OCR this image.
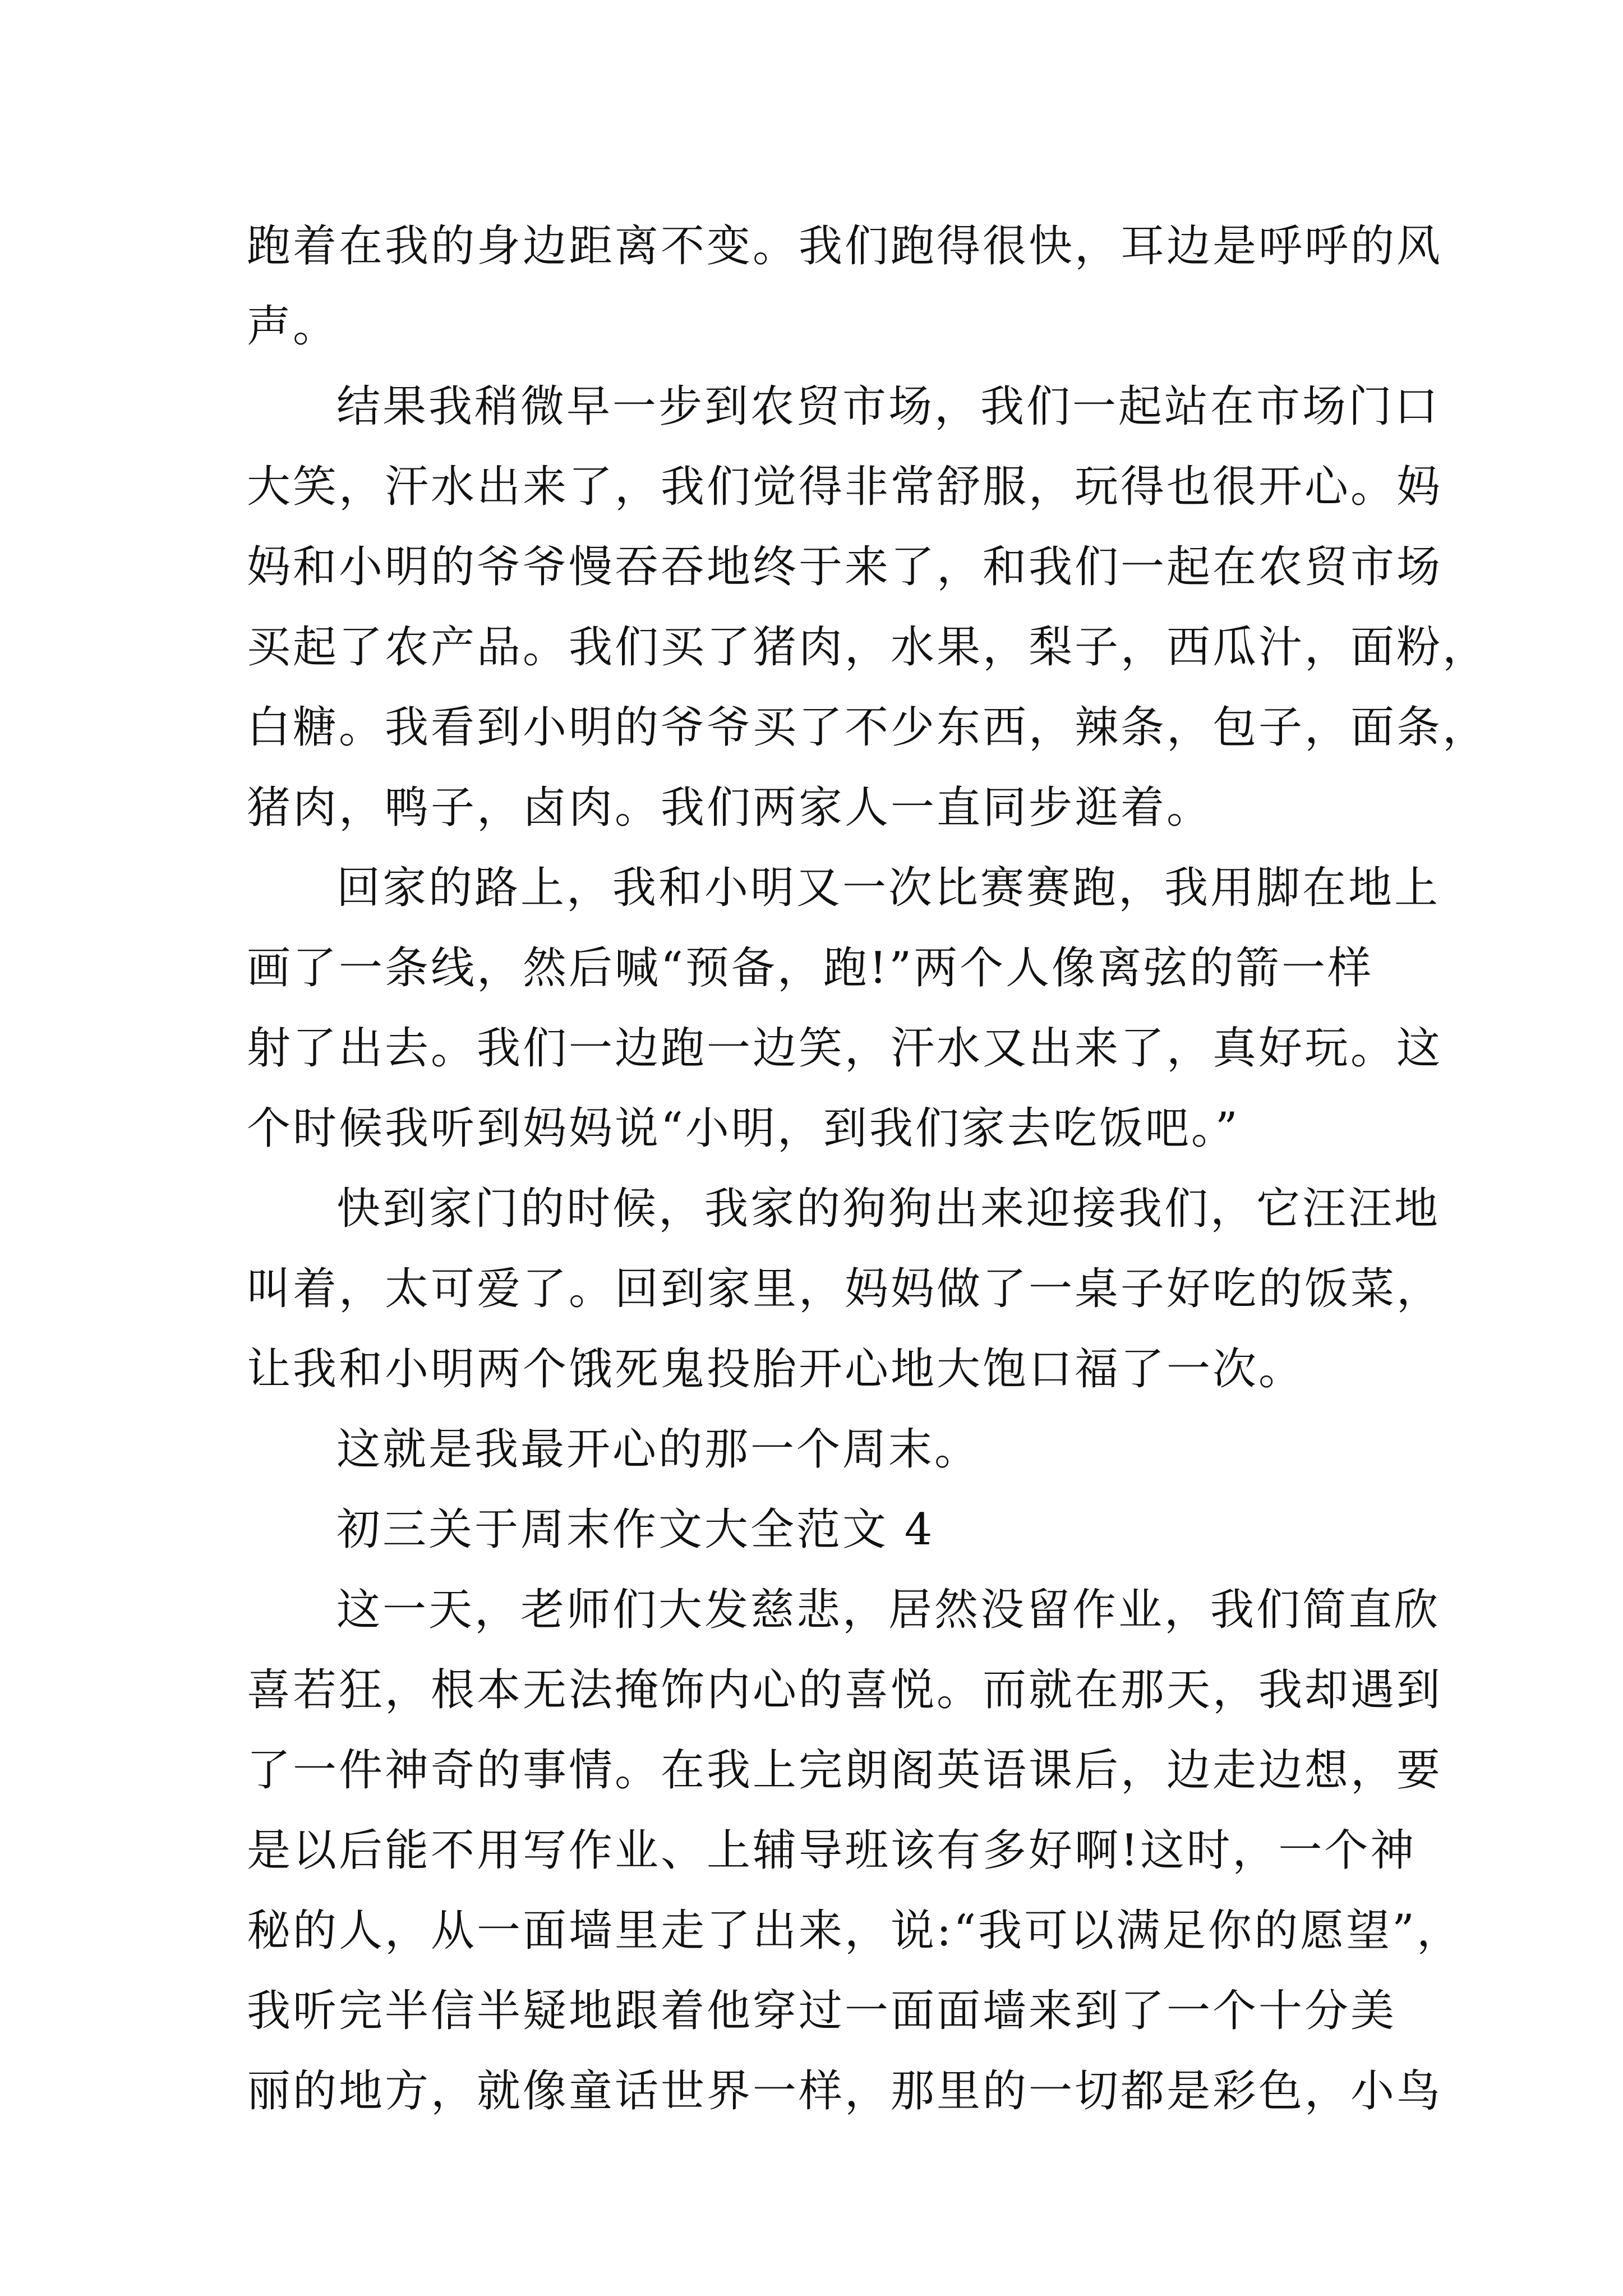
跑着在我的身边距离不变。我们跑得很快，耳边是呼呼的风
声。
结果我稍微早一步到农贸市场，我们一起站在市场门口
大笑，汗水出来了，我们觉得非常舒服，玩得也很开心。妈
妈和小明的爷爷慢吞吞地终于来了，和我们一起在农贸市场
买起了农产品。我们买了猪肉，水果，梨子，西瓜汁，面粉，
白糖。我看到小明的爷爷买了不少东西，辣条，包子，面条，
猪肉，鸭子，卤肉。我们两家人一直同步逛着。
回家的路上，我和小明又一次比赛赛跑，我用脚在地上
画了一条线，然后喊“预备，跑!”两个人像离弦的箭一样
射了出去。我们一边跑一边笑，汗水又出来了，真好玩。这
个时候我听到妈妈说“小明，到我们家去吃饭吧。”
快到家门的时候，我家的狗狗出来迎接我们，它汪汪地
叫着，太可爱了。回到家里，妈妈做了一桌子好吃的饭菜，
让我和小明两个饿死鬼投胎开心地大饱口福了一次。
这就是我最开心的那一个周末。
初三关于周末作文大全范文 4
这一天，老师们大发慈悲，居然没留作业，我们简直欣
喜若狂，根本无法掩饰内心的喜悦。而就在那天，我却遇到
了一件神奇的事情。在我上完朗阁英语课后，边走边想，要
是以后能不用写作业、上辅导班该有多好啊!这时，一个神
秘的人，从一面墙里走了出来，说:“我可以满足你的愿望”，
我听完半信半疑地跟着他穿过一面面墙来到了一个十分美
丽的地方，就像童话世界一样，那里的一切都是彩色，小鸟
